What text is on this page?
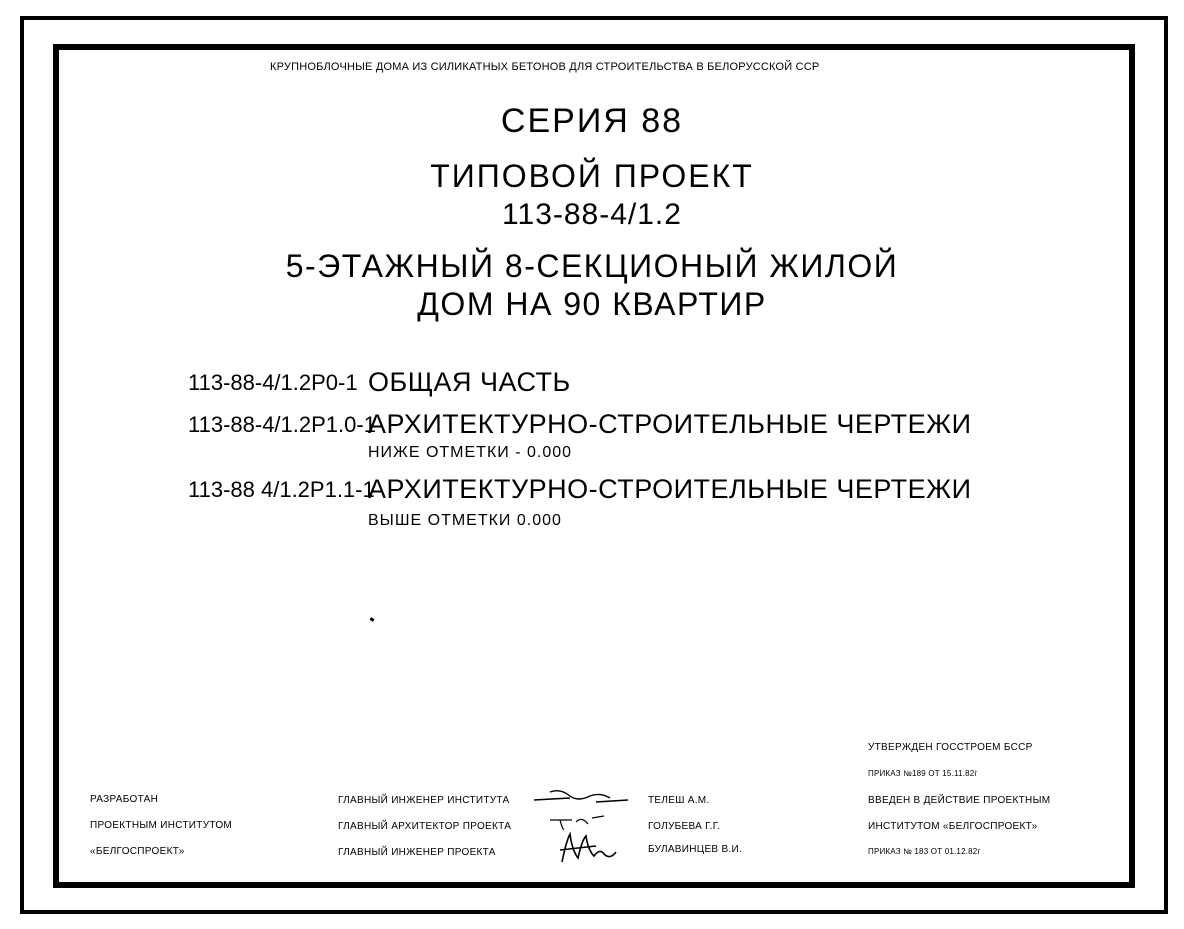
КРУПНОБЛОЧНЫЕ ДОМА ИЗ СИЛИКАТНЫХ БЕТОНОВ ДЛЯ СТРОИТЕЛЬСТВА В БЕЛОРУССКОЙ ССР
СЕРИЯ 88
ТИПОВОЙ ПРОЕКТ
113-88-4/1.2
5-ЭТАЖНЫЙ 8-СЕКЦИОНЫЙ ЖИЛОЙ
ДОМ НА 90 КВАРТИР
113-88-4/1.2Р0-1 ОБЩАЯ ЧАСТЬ
113-88-4/1.2Р1.0-1
АРХИТЕКТУРНО-СТРОИТЕЛЬНЫЕ ЧЕРТЕЖИ
НИЖЕ ОТМЕТКИ - 0.000
113-88 4/1.2Р1.1-1
АРХИТЕКТУРНО-СТРОИТЕЛЬНЫЕ ЧЕРТЕЖИ
ВЫШЕ ОТМЕТКИ 0.000
РАЗРАБОТАН
ПРОЕКТНЫМ ИНСТИТУТОМ
«БЕЛГОСПРОЕКТ»
ГЛАВНЫЙ ИНЖЕНЕР ИНСТИТУТА
ГЛАВНЫЙ АРХИТЕКТОР ПРОЕКТА
ГЛАВНЫЙ ИНЖЕНЕР ПРОЕКТА
ТЕЛЕШ А.М.
ГОЛУБЕВА Г.Г.
БУЛАВИНЦЕВ В.И.
УТВЕРЖДЕН ГОССТРОЕМ БССР
ПРИКАЗ №189 ОТ 15.11.82г
ВВЕДЕН В ДЕЙСТВИЕ ПРОЕКТНЫМ
ИНСТИТУТОМ «БЕЛГОСПРОЕКТ»
ПРИКАЗ № 183 ОТ 01.12.82г
